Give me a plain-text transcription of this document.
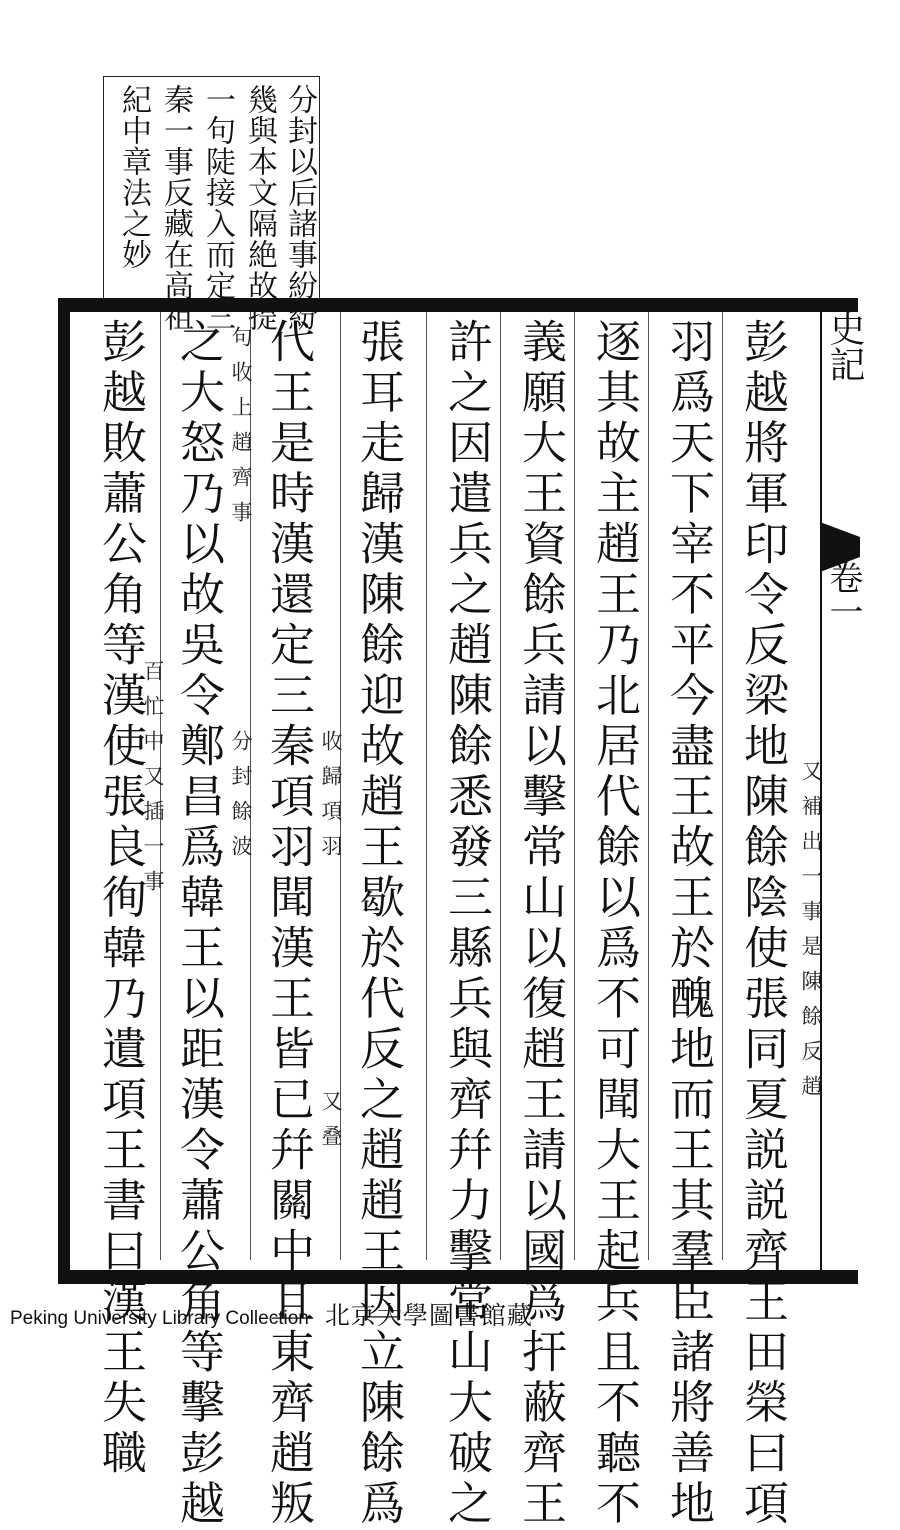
分封以后諸事紛紛
幾與本文隔絶故提
一句陡接入而定三
秦一事反藏在高祖
紀中章法之妙
史記
卷一
彭越將軍印令反梁地陳餘陰使張同夏説説齊王田榮曰項
羽爲天下宰不平今盡王故王於醜地而王其羣臣諸將善地
逐其故主趙王乃北居代餘以爲不可聞大王起兵且不聽不
義願大王資餘兵請以擊常山以復趙王請以國爲扞蔽齊王
許之因遣兵之趙陳餘悉發三縣兵與齊幷力擊常山大破之
張耳走歸漢陳餘迎故趙王歇於代反之趙趙王因立陳餘爲
代王是時漢還定三秦項羽聞漢王皆已幷關中且東齊趙叛
之大怒乃以故吳令鄭昌爲韓王以距漢令蕭公角等擊彭越
彭越敗蕭公角等漢使張良徇韓乃遺項王書曰漢王失職	又補出一事是陳餘反趙
收歸項羽
又叠
句收上趙齊事
分封餘波
百忙中又插一事
Peking University Library Collection 北京大學圖書館藏
